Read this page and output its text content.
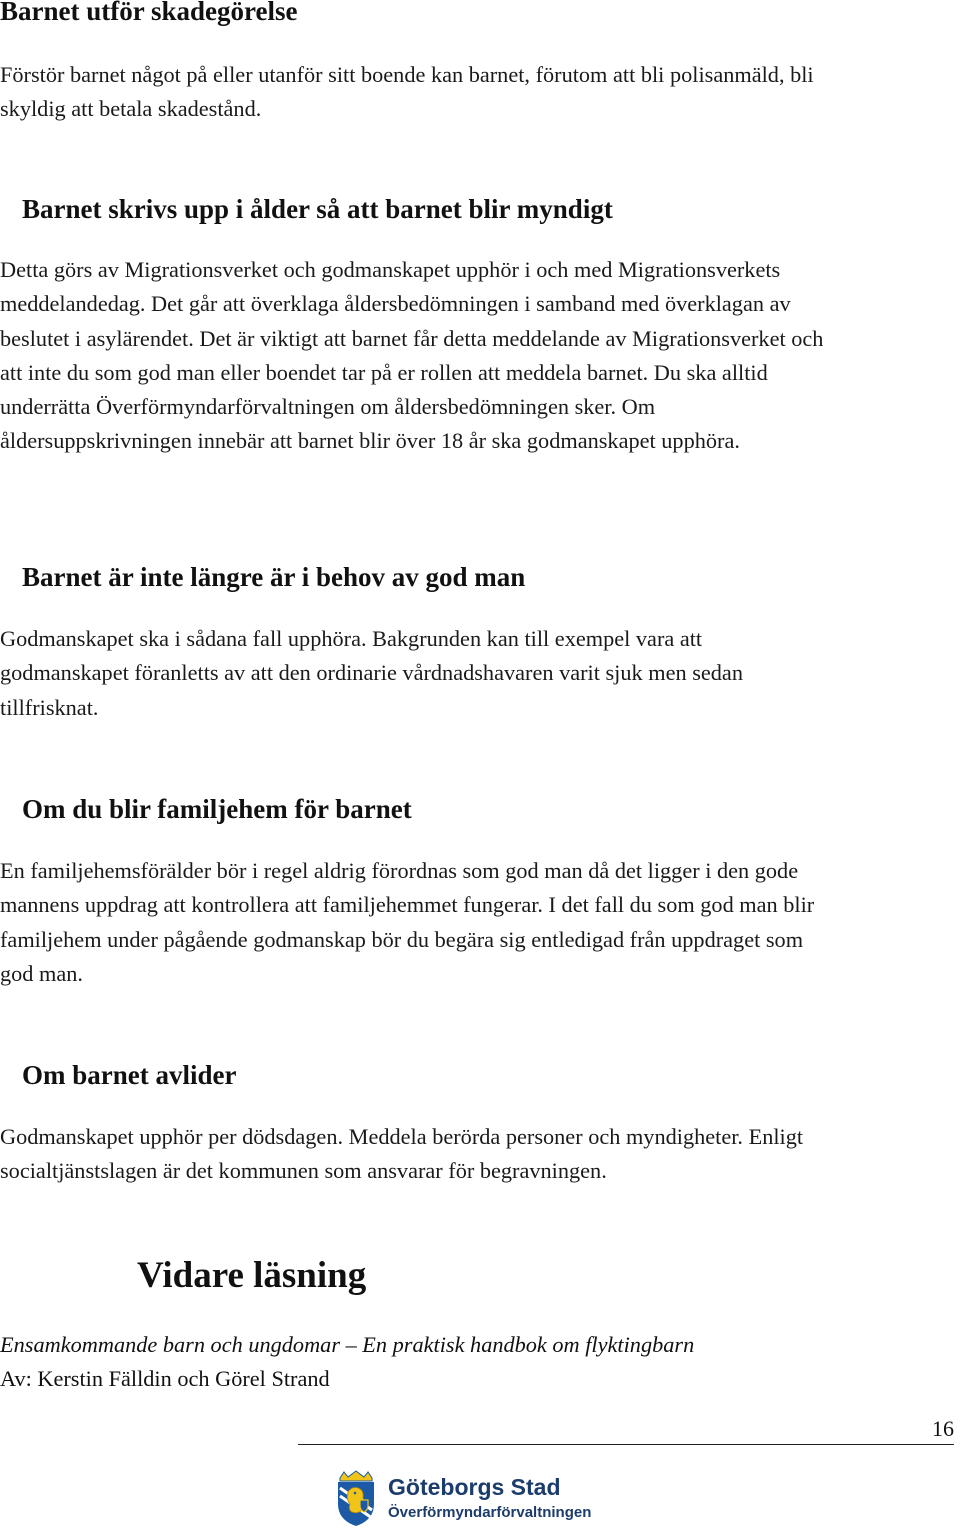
Barnet utför skadegörelse
Förstör barnet något på eller utanför sitt boende kan barnet, förutom att bli polisanmäld, bli
skyldig att betala skadestånd.
Barnet skrivs upp i ålder så att barnet blir myndigt
Detta görs av Migrationsverket och godmanskapet upphör i och med Migrationsverkets
meddelandedag. Det går att överklaga åldersbedömningen i samband med överklagan av
beslutet i asylärendet. Det är viktigt att barnet får detta meddelande av Migrationsverket och
att inte du som god man eller boendet tar på er rollen att meddela barnet. Du ska alltid
underrätta Överförmyndarförvaltningen om åldersbedömningen sker. Om
åldersuppskrivningen innebär att barnet blir över 18 år ska godmanskapet upphöra.
Barnet är inte längre är i behov av god man
Godmanskapet ska i sådana fall upphöra. Bakgrunden kan till exempel vara att
godmanskapet föranletts av att den ordinarie vårdnadshavaren varit sjuk men sedan
tillfrisknat.
Om du blir familjehem för barnet
En familjehemsförälder bör i regel aldrig förordnas som god man då det ligger i den gode
mannens uppdrag att kontrollera att familjehemmet fungerar. I det fall du som god man blir
familjehem under pågående godmanskap bör du begära sig entledigad från uppdraget som
god man.
Om barnet avlider
Godmanskapet upphör per dödsdagen. Meddela berörda personer och myndigheter. Enligt
socialtjänstslagen är det kommunen som ansvarar för begravningen.
Vidare läsning

Ensamkommande barn och ungdomar – En praktisk handbok om flyktingbarn

Av: Kerstin Fälldin och Görel Strand

16
Göteborgs Stad
Överförmyndarförvaltningen
